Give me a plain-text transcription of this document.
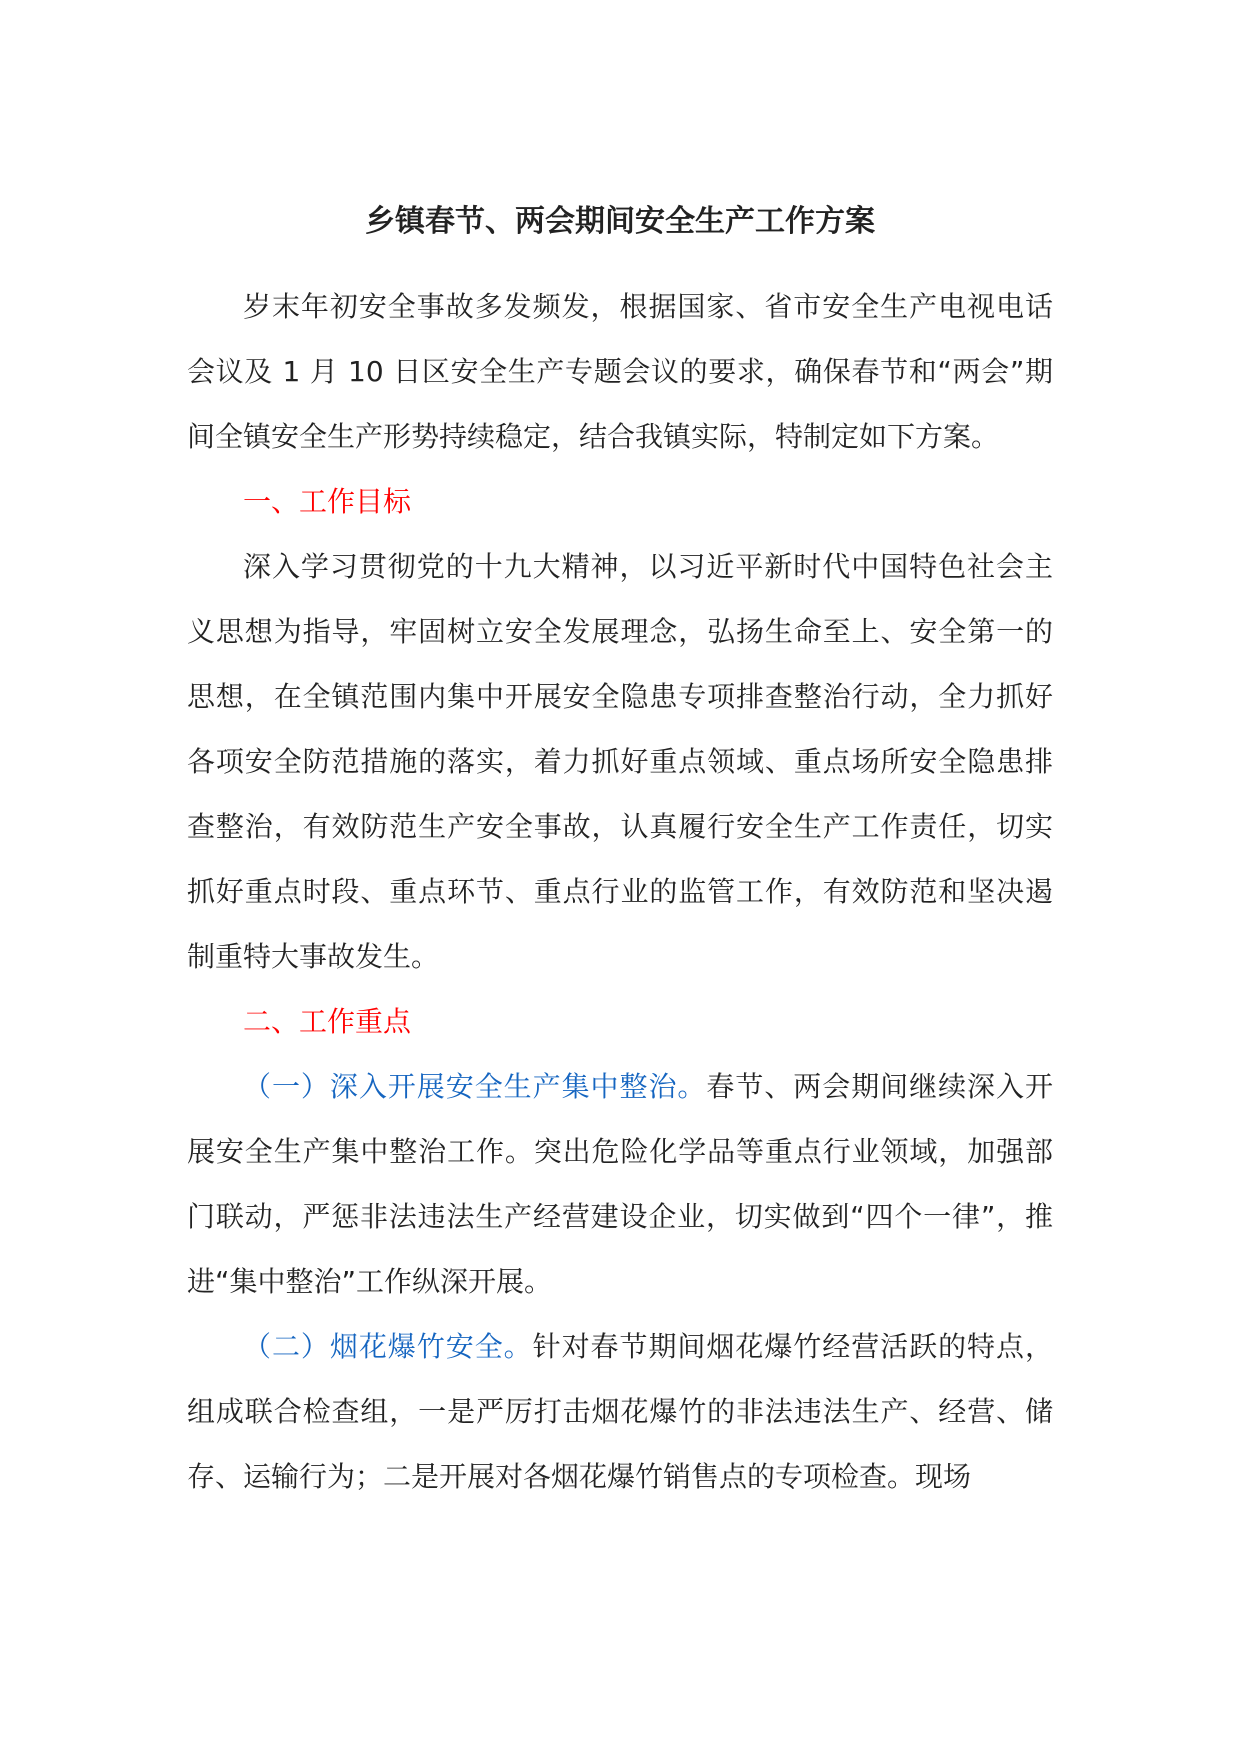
乡镇春节、两会期间安全生产工作方案

岁末年初安全事故多发频发，根据国家、省市安全生产电视电话会议及 1 月 10 日区安全生产专题会议的要求，确保春节和“两会”期间全镇安全生产形势持续稳定，结合我镇实际，特制定如下方案。

一、工作目标

深入学习贯彻党的十九大精神，以习近平新时代中国特色社会主义思想为指导，牢固树立安全发展理念，弘扬生命至上、安全第一的思想，在全镇范围内集中开展安全隐患专项排查整治行动，全力抓好各项安全防范措施的落实，着力抓好重点领域、重点场所安全隐患排查整治，有效防范生产安全事故，认真履行安全生产工作责任，切实抓好重点时段、重点环节、重点行业的监管工作，有效防范和坚决遏制重特大事故发生。

二、工作重点

（一）深入开展安全生产集中整治。春节、两会期间继续深入开展安全生产集中整治工作。突出危险化学品等重点行业领域，加强部门联动，严惩非法违法生产经营建设企业，切实做到“四个一律”，推进“集中整治”工作纵深开展。

（二）烟花爆竹安全。针对春节期间烟花爆竹经营活跃的特点，组成联合检查组，一是严厉打击烟花爆竹的非法违法生产、经营、储存、运输行为；二是开展对各烟花爆竹销售点的专项检查。现场
